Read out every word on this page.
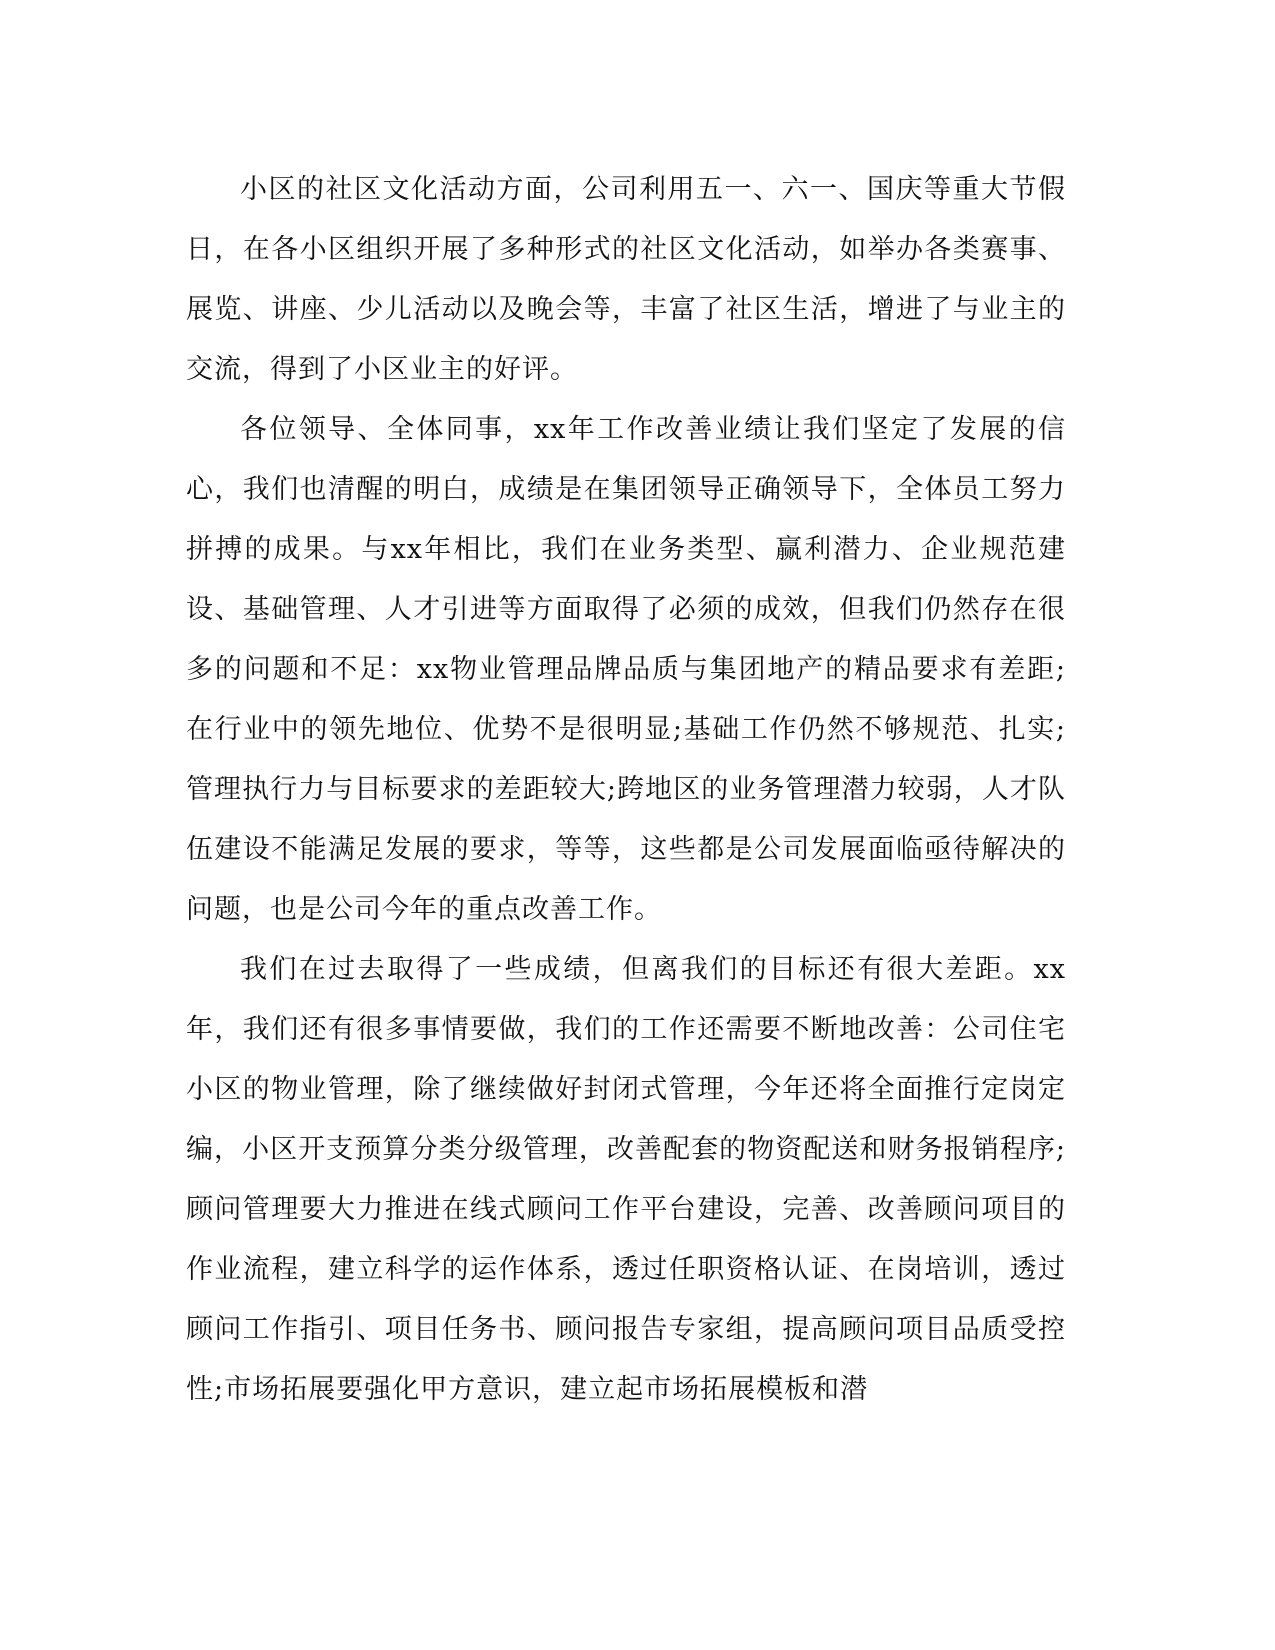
小区的社区文化活动方面，公司利用五一、六一、国庆等重大节假日，在各小区组织开展了多种形式的社区文化活动，如举办各类赛事、展览、讲座、少儿活动以及晚会等，丰富了社区生活，增进了与业主的交流，得到了小区业主的好评。

各位领导、全体同事，xx年工作改善业绩让我们坚定了发展的信心，我们也清醒的明白，成绩是在集团领导正确领导下，全体员工努力拼搏的成果。与xx年相比，我们在业务类型、赢利潜力、企业规范建设、基础管理、人才引进等方面取得了必须的成效，但我们仍然存在很多的问题和不足：xx物业管理品牌品质与集团地产的精品要求有差距;在行业中的领先地位、优势不是很明显;基础工作仍然不够规范、扎实;管理执行力与目标要求的差距较大;跨地区的业务管理潜力较弱，人才队伍建设不能满足发展的要求，等等，这些都是公司发展面临亟待解决的问题，也是公司今年的重点改善工作。

我们在过去取得了一些成绩，但离我们的目标还有很大差距。xx年，我们还有很多事情要做，我们的工作还需要不断地改善：公司住宅小区的物业管理，除了继续做好封闭式管理，今年还将全面推行定岗定编，小区开支预算分类分级管理，改善配套的物资配送和财务报销程序;顾问管理要大力推进在线式顾问工作平台建设，完善、改善顾问项目的作业流程，建立科学的运作体系，透过任职资格认证、在岗培训，透过顾问工作指引、项目任务书、顾问报告专家组，提高顾问项目品质受控性;市场拓展要强化甲方意识，建立起市场拓展模板和潜
